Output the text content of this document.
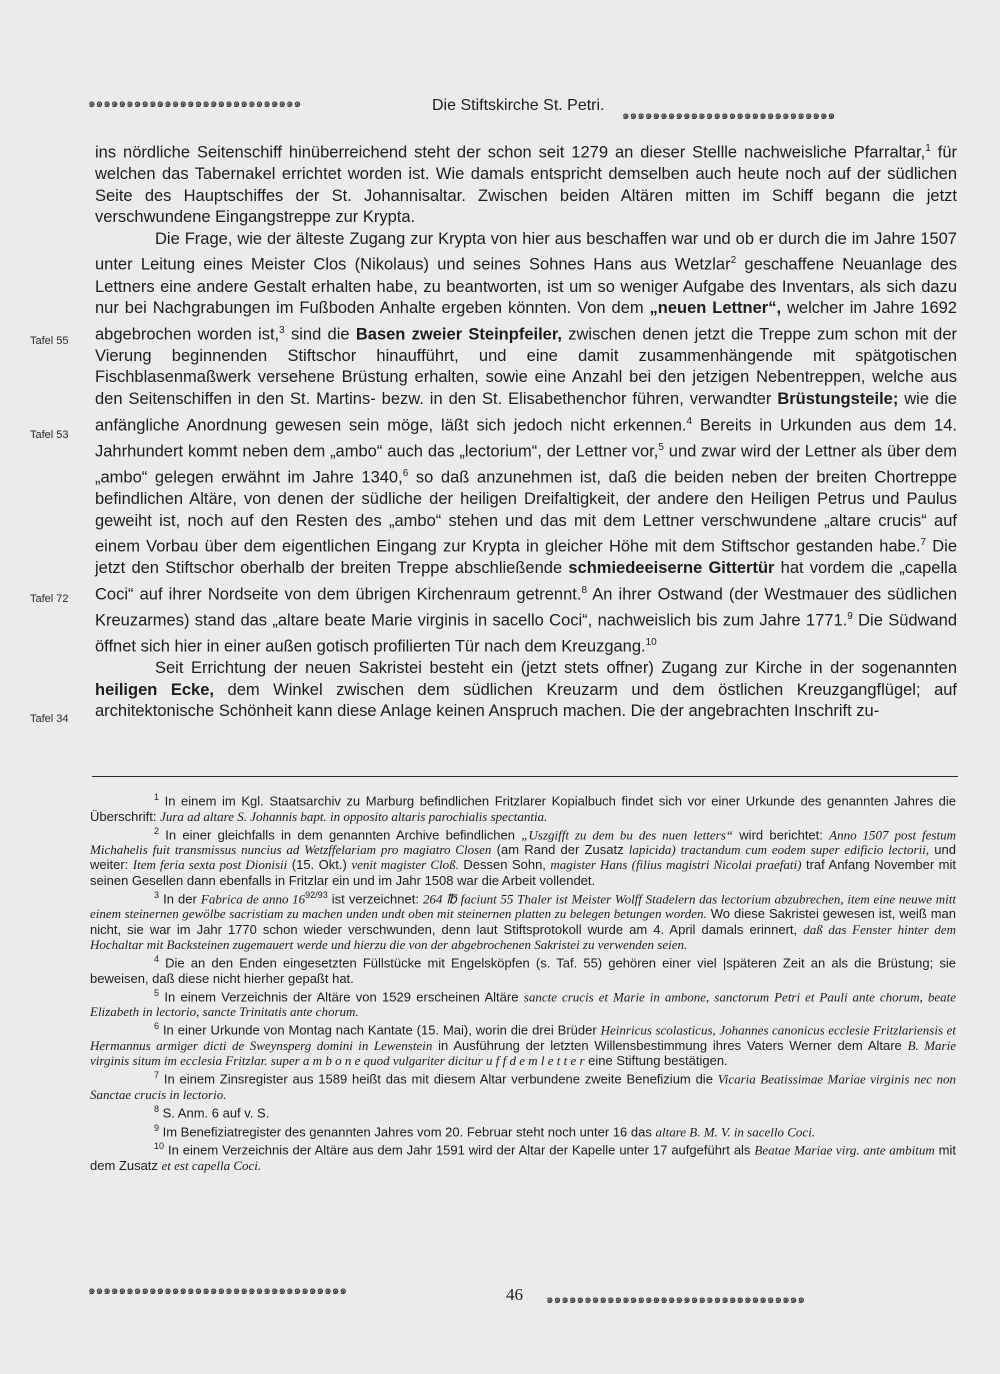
๑๑๑๑๑๑๑๑๑๑๑๑๑๑๑๑๑๑๑๑๑๑๑๑๑๑๑๑	Die Stiftskirche St. Petri.
๑๑๑๑๑๑๑๑๑๑๑๑๑๑๑๑๑๑๑๑๑๑๑๑๑๑๑๑
Tafel 55
Tafel 53
Tafel 72
Tafel 34

ins nördliche Seitenschiff hinüberreichend steht der schon seit 1279 an dieser Stellle nachweisliche Pfarraltar,$^1$ für welchen das Tabernakel errichtet worden ist. Wie damals entspricht demselben auch heute noch auf der südlichen Seite des Hauptschiffes der St. Johannisaltar. Zwischen beiden Altären mitten im Schiff begann die jetzt verschwundene Eingangstreppe zur Krypta.

Die Frage, wie der älteste Zugang zur Krypta von hier aus beschaffen war und ob er durch die im Jahre 1507 unter Leitung eines Meister Clos (Nikolaus) und seines Sohnes Hans aus Wetzlar$^2$ geschaffene Neuanlage des Lettners eine andere Gestalt erhalten habe, zu beantworten, ist um so weniger Aufgabe des Inventars, als sich dazu nur bei Nachgrabungen im Fußboden Anhalte ergeben könnten. Von dem „neuen Lettner“, welcher im Jahre 1692 abgebrochen worden ist,$^3$ sind die Basen zweier Steinpfeiler, zwischen denen jetzt die Treppe zum schon mit der Vierung beginnenden Stiftschor hinaufführt, und eine damit zusammenhängende mit spätgotischen Fischblasenmaßwerk versehene Brüstung erhalten, sowie eine Anzahl bei den jetzigen Nebentreppen, welche aus den Seitenschiffen in den St. Martins- bezw. in den St. Elisabethenchor führen, verwandter Brüstungsteile; wie die anfängliche Anordnung gewesen sein möge, läßt sich jedoch nicht erkennen.$^4$ Bereits in Urkunden aus dem 14. Jahrhundert kommt neben dem „ambo“ auch das „lectorium“, der Lettner vor,$^5$ und zwar wird der Lettner als über dem „ambo“ gelegen erwähnt im Jahre 1340,$^6$ so daß anzunehmen ist, daß die beiden neben der breiten Chortreppe befindlichen Altäre, von denen der südliche der heiligen Dreifaltigkeit, der andere den Heiligen Petrus und Paulus geweiht ist, noch auf den Resten des „ambo“ stehen und das mit dem Lettner verschwundene „altare crucis“ auf einem Vorbau über dem eigentlichen Eingang zur Krypta in gleicher Höhe mit dem Stiftschor gestanden habe.$^7$ Die jetzt den Stiftschor oberhalb der breiten Treppe abschließende schmiedeeiserne Gittertür hat vordem die „capella Coci“ auf ihrer Nordseite von dem übrigen Kirchenraum getrennt.$^8$ An ihrer Ostwand (der Westmauer des südlichen Kreuzarmes) stand das „altare beate Marie virginis in sacello Coci“, nachweislich bis zum Jahre 1771.$^9$ Die Südwand öffnet sich hier in einer außen gotisch profilierten Tür nach dem Kreuzgang.$^{10}$

Seit Errichtung der neuen Sakristei besteht ein (jetzt stets offner) Zugang zur Kirche in der sogenannten heiligen Ecke, dem Winkel zwischen dem südlichen Kreuzarm und dem östlichen Kreuzgangflügel; auf architektonische Schönheit kann diese Anlage keinen Anspruch machen. Die der angebrachten Inschrift zu-

$^1$ In einem im Kgl. Staatsarchiv zu Marburg befindlichen Fritzlarer Kopialbuch findet sich vor einer Urkunde des genannten Jahres die Überschrift: Jura ad altare S. Johannis bapt. in opposito altaris parochialis spectantia.

$^2$ In einer gleichfalls in dem genannten Archive befindlichen „Uszgifft zu dem bu des nuen letters“ wird berichtet: Anno 1507 post festum Michahelis fuit transmissus nuncius ad Wetzffelariam pro magiatro Closen (am Rand der Zusatz lapicida) tractandum cum eodem super edificio lectorii, und weiter: Item feria sexta post Dionisii (15. Okt.) venit magister Cloß. Dessen Sohn, magister Hans (filius magistri Nicolai praefati) traf Anfang November mit seinen Gesellen dann ebenfalls in Fritzlar ein und im Jahr 1508 war die Arbeit vollendet.

$^3$ In der Fabrica de anno $16^{92/93}$ ist verzeichnet: 264 ℔ faciunt 55 Thaler ist Meister Wolff Stadelern das lectorium abzubrechen, item eine neuwe mitt einem steinernen gewölbe sacristiam zu machen unden undt oben mit steinernen platten zu belegen betungen worden. Wo diese Sakristei gewesen ist, weiß man nicht, sie war im Jahr 1770 schon wieder verschwunden, denn laut Stiftsprotokoll wurde am 4. April damals erinnert, daß das Fenster hinter dem Hochaltar mit Backsteinen zugemauert werde und hierzu die von der abgebrochenen Sakristei zu verwenden seien.

$^4$ Die an den Enden eingesetzten Füllstücke mit Engelsköpfen (s. Taf. 55) gehören einer viel |späteren Zeit an als die Brüstung; sie beweisen, daß diese nicht hierher gepaßt hat.

$^5$ In einem Verzeichnis der Altäre von 1529 erscheinen Altäre sancte crucis et Marie in ambone, sanctorum Petri et Pauli ante chorum, beate Elizabeth in lectorio, sancte Trinitatis ante chorum.

$^6$ In einer Urkunde von Montag nach Kantate (15. Mai), worin die drei Brüder Heinricus scolasticus, Johannes canonicus ecclesie Fritzlariensis et Hermannus armiger dicti de Sweynsperg domini in Lewenstein in Ausführung der letzten Willensbestimmung ihres Vaters Werner dem Altare B. Marie virginis situm im ecclesia Fritzlar. super a m b o n e quod vulgariter dicitur u f f d e m l e t t e r eine Stiftung bestätigen.

$^7$ In einem Zinsregister aus 1589 heißt das mit diesem Altar verbundene zweite Benefizium die Vicaria Beatissimae Mariae virginis nec non Sanctae crucis in lectorio.

$^8$ S. Anm. 6 auf v. S.

$^9$ Im Benefiziatregister des genannten Jahres vom 20. Februar steht noch unter 16 das altare B. M. V. in sacello Coci.

$^{10}$ In einem Verzeichnis der Altäre aus dem Jahr 1591 wird der Altar der Kapelle unter 17 aufgeführt als Beatae Mariae virg. ante ambitum mit dem Zusatz et est capella Coci.

๑๑๑๑๑๑๑๑๑๑๑๑๑๑๑๑๑๑๑๑๑๑๑๑๑๑๑๑๑๑๑๑๑๑	46 ๑๑๑๑๑๑๑๑๑๑๑๑๑๑๑๑๑๑๑๑๑๑๑๑๑๑๑๑๑๑๑๑๑๑
